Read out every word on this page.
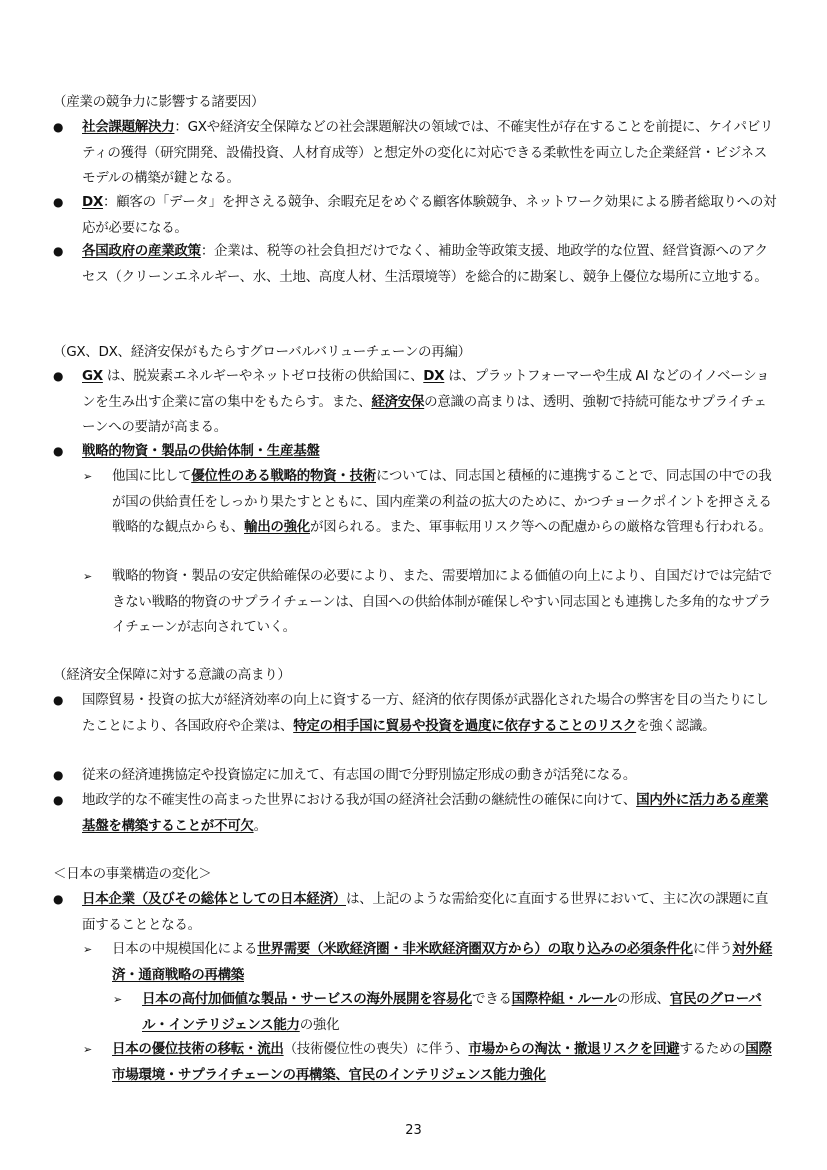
（産業の競争力に影響する諸要因）
● 社会課題解決力：GXや経済安全保障などの社会課題解決の領域では、不確実性が存在することを前提に、ケイパビリティの獲得（研究開発、設備投資、人材育成等）と想定外の変化に対応できる柔軟性を両立した企業経営・ビジネスモデルの構築が鍵となる。
● DX：顧客の「データ」を押さえる競争、余暇充足をめぐる顧客体験競争、ネットワーク効果による勝者総取りへの対応が必要になる。
● 各国政府の産業政策：企業は、税等の社会負担だけでなく、補助金等政策支援、地政学的な位置、経営資源へのアクセス（クリーンエネルギー、水、土地、高度人材、生活環境等）を総合的に勘案し、競争上優位な場所に立地する。
（GX、DX、経済安保がもたらすグローバルバリューチェーンの再編）
● GX は、脱炭素エネルギーやネットゼロ技術の供給国に、DX は、プラットフォーマーや生成 AI などのイノベーションを生み出す企業に富の集中をもたらす。また、経済安保の意識の高まりは、透明、強靭で持続可能なサプライチェーンへの要請が高まる。
● 戦略的物資・製品の供給体制・生産基盤
➢ 他国に比して優位性のある戦略的物資・技術については、同志国と積極的に連携することで、同志国の中での我が国の供給責任をしっかり果たすとともに、国内産業の利益の拡大のために、かつチョークポイントを押さえる戦略的な観点からも、輸出の強化が図られる。また、軍事転用リスク等への配慮からの厳格な管理も行われる。
➢ 戦略的物資・製品の安定供給確保の必要により、また、需要増加による価値の向上により、自国だけでは完結できない戦略的物資のサプライチェーンは、自国への供給体制が確保しやすい同志国とも連携した多角的なサプライチェーンが志向されていく。
（経済安全保障に対する意識の高まり）
● 国際貿易・投資の拡大が経済効率の向上に資する一方、経済的依存関係が武器化された場合の弊害を目の当たりにしたことにより、各国政府や企業は、特定の相手国に貿易や投資を過度に依存することのリスクを強く認識。
● 従来の経済連携協定や投資協定に加えて、有志国の間で分野別協定形成の動きが活発になる。
● 地政学的な不確実性の高まった世界における我が国の経済社会活動の継続性の確保に向けて、国内外に活力ある産業基盤を構築することが不可欠。
＜日本の事業構造の変化＞
● 日本企業（及びその総体としての日本経済）は、上記のような需給変化に直面する世界において、主に次の課題に直面することとなる。
➢ 日本の中規模国化による世界需要（米欧経済圏・非米欧経済圏双方から）の取り込みの必須条件化に伴う対外経済・通商戦略の再構築
➢ 日本の高付加価値な製品・サービスの海外展開を容易化できる国際枠組・ルールの形成、官民のグローバル・インテリジェンス能力の強化
➢ 日本の優位技術の移転・流出（技術優位性の喪失）に伴う、市場からの淘汰・撤退リスクを回避するための国際市場環境・サプライチェーンの再構築、官民のインテリジェンス能力強化
23
